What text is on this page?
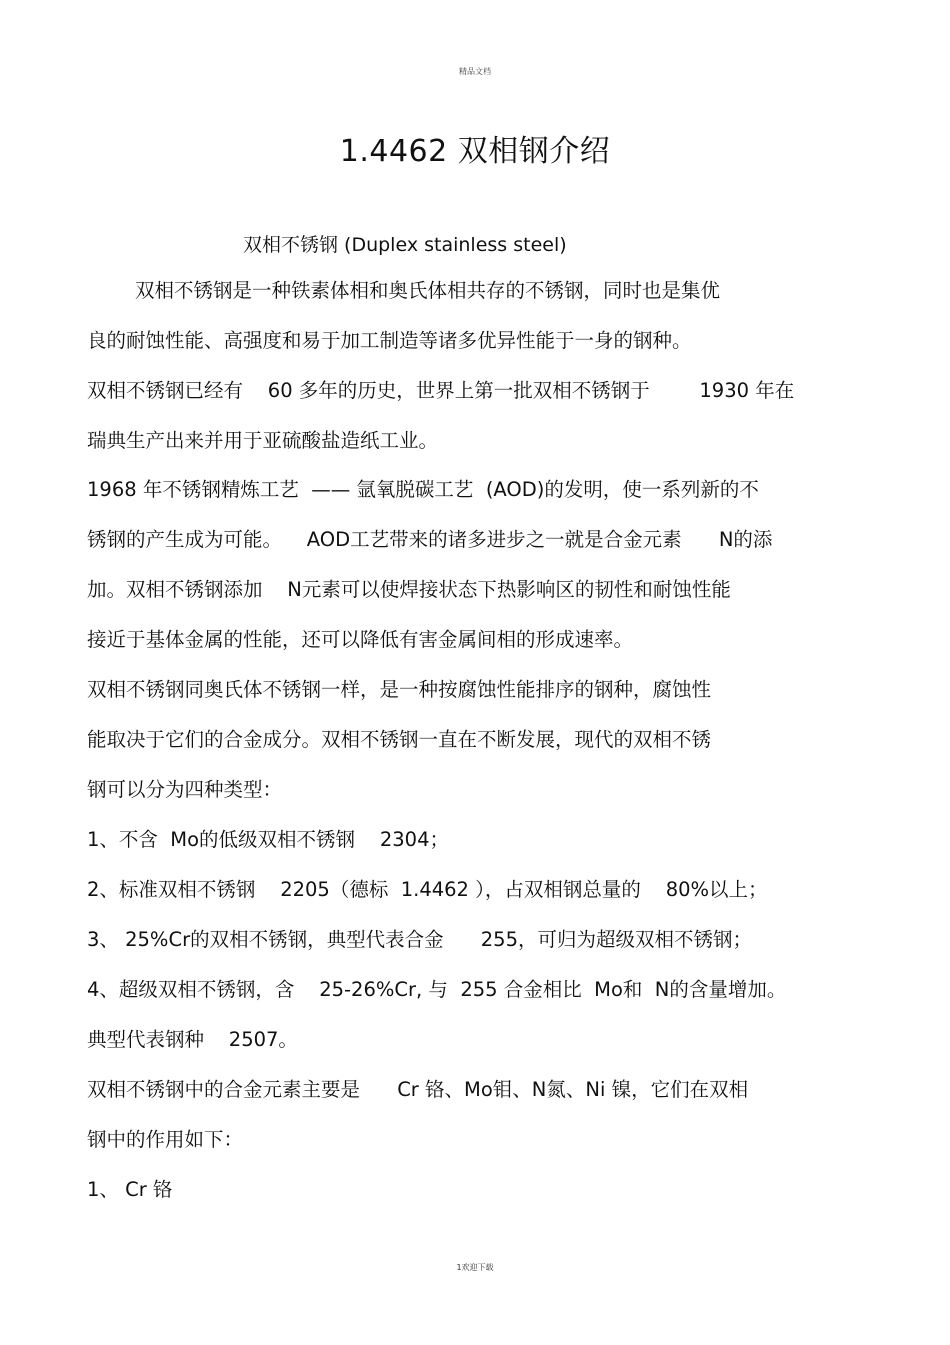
精品文档
1.4462 双相钢介绍
双相不锈钢 (Duplex stainless steel)
双相不锈钢是一种铁素体相和奥氏体相共存的不锈钢，同时也是集优
良的耐蚀性能、高强度和易于加工制造等诸多优异性能于一身的钢种。
双相不锈钢已经有    60 多年的历史，世界上第一批双相不锈钢于        1930 年在
瑞典生产出来并用于亚硫酸盐造纸工业。
1968 年不锈钢精炼工艺  —— 氩氧脱碳工艺  (AOD)的发明，使一系列新的不
锈钢的产生成为可能。    AOD工艺带来的诸多进步之一就是合金元素      N的添
加。双相不锈钢添加    N元素可以使焊接状态下热影响区的韧性和耐蚀性能
接近于基体金属的性能，还可以降低有害金属间相的形成速率。
双相不锈钢同奥氏体不锈钢一样，是一种按腐蚀性能排序的钢种，腐蚀性
能取决于它们的合金成分。双相不锈钢一直在不断发展，现代的双相不锈
钢可以分为四种类型：
1、不含  Mo的低级双相不锈钢    2304；
2、标准双相不锈钢    2205（德标  1.4462 ），占双相钢总量的    80%以上；
3、 25%Cr的双相不锈钢，典型代表合金      255，可归为超级双相不锈钢；
4、超级双相不锈钢，含    25-26%Cr, 与  255 合金相比  Mo和  N的含量增加。
典型代表钢种    2507。
双相不锈钢中的合金元素主要是      Cr 铬、Mo钼、N氮、Ni 镍，它们在双相
钢中的作用如下：
1、 Cr 铬
1欢迎下载
